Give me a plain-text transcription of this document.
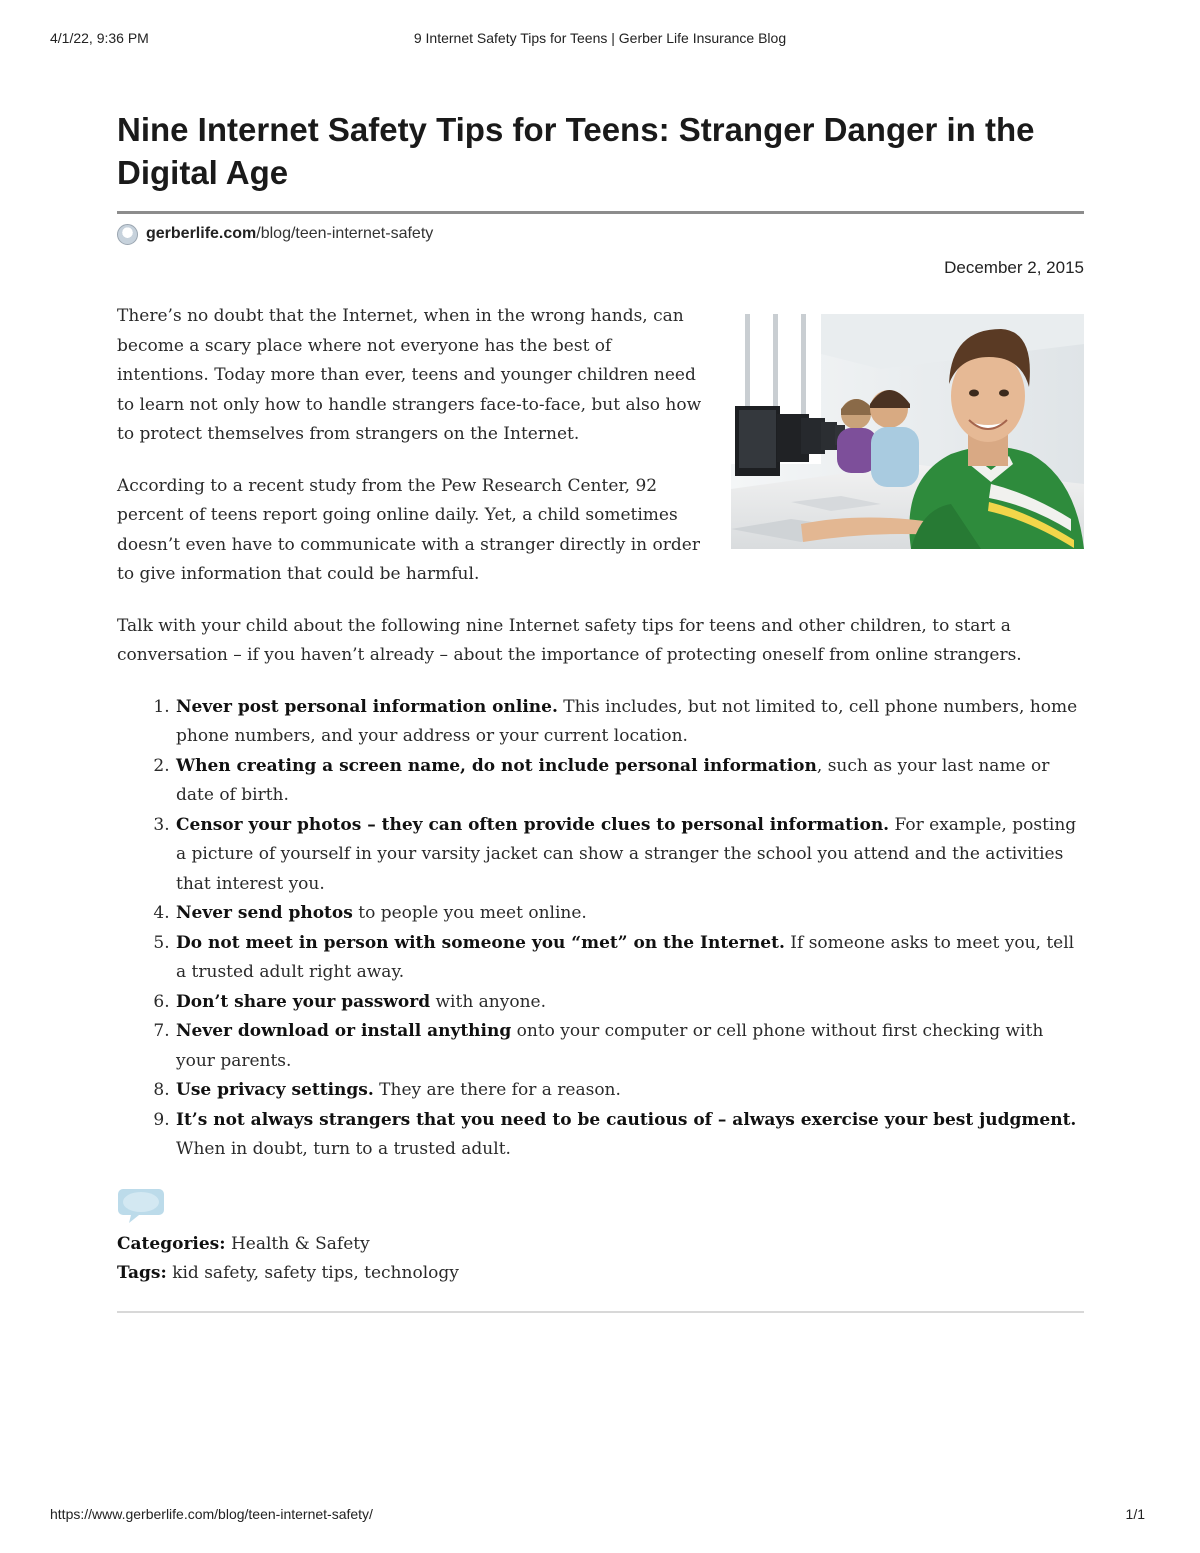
4/1/22, 9:36 PM	9 Internet Safety Tips for Teens | Gerber Life Insurance Blog
Nine Internet Safety Tips for Teens: Stranger Danger in the Digital Age
gerberlife.com /blog/teen-internet-safety
December 2, 2015

There’s no doubt that the Internet, when in the wrong hands, can become a scary place where not everyone has the best of intentions. Today more than ever, teens and younger children need to learn not only how to handle strangers face-to-face, but also how to protect themselves from strangers on the Internet.

According to a recent study from the Pew Research Center, 92 percent of teens report going online daily. Yet, a child sometimes doesn’t even have to communicate with a stranger directly in order to give information that could be harmful.

Talk with your child about the following nine Internet safety tips for teens and other children, to start a conversation – if you haven’t already – about the importance of protecting oneself from online strangers.

1. Never post personal information online. This includes, but not limited to, cell phone numbers, home phone numbers, and your address or your current location.
2. When creating a screen name, do not include personal information, such as your last name or date of birth.
3. Censor your photos – they can often provide clues to personal information. For example, posting a picture of yourself in your varsity jacket can show a stranger the school you attend and the activities that interest you.
4. Never send photos to people you meet online.
5. Do not meet in person with someone you “met” on the Internet. If someone asks to meet you, tell a trusted adult right away.
6. Don’t share your password with anyone.
7. Never download or install anything onto your computer or cell phone without first checking with your parents.
8. Use privacy settings. They are there for a reason.
9. It’s not always strangers that you need to be cautious of – always exercise your best judgment. When in doubt, turn to a trusted adult.

Categories: Health & Safety

Tags: kid safety, safety tips, technology

https://www.gerberlife.com/blog/teen-internet-safety/	1/1
